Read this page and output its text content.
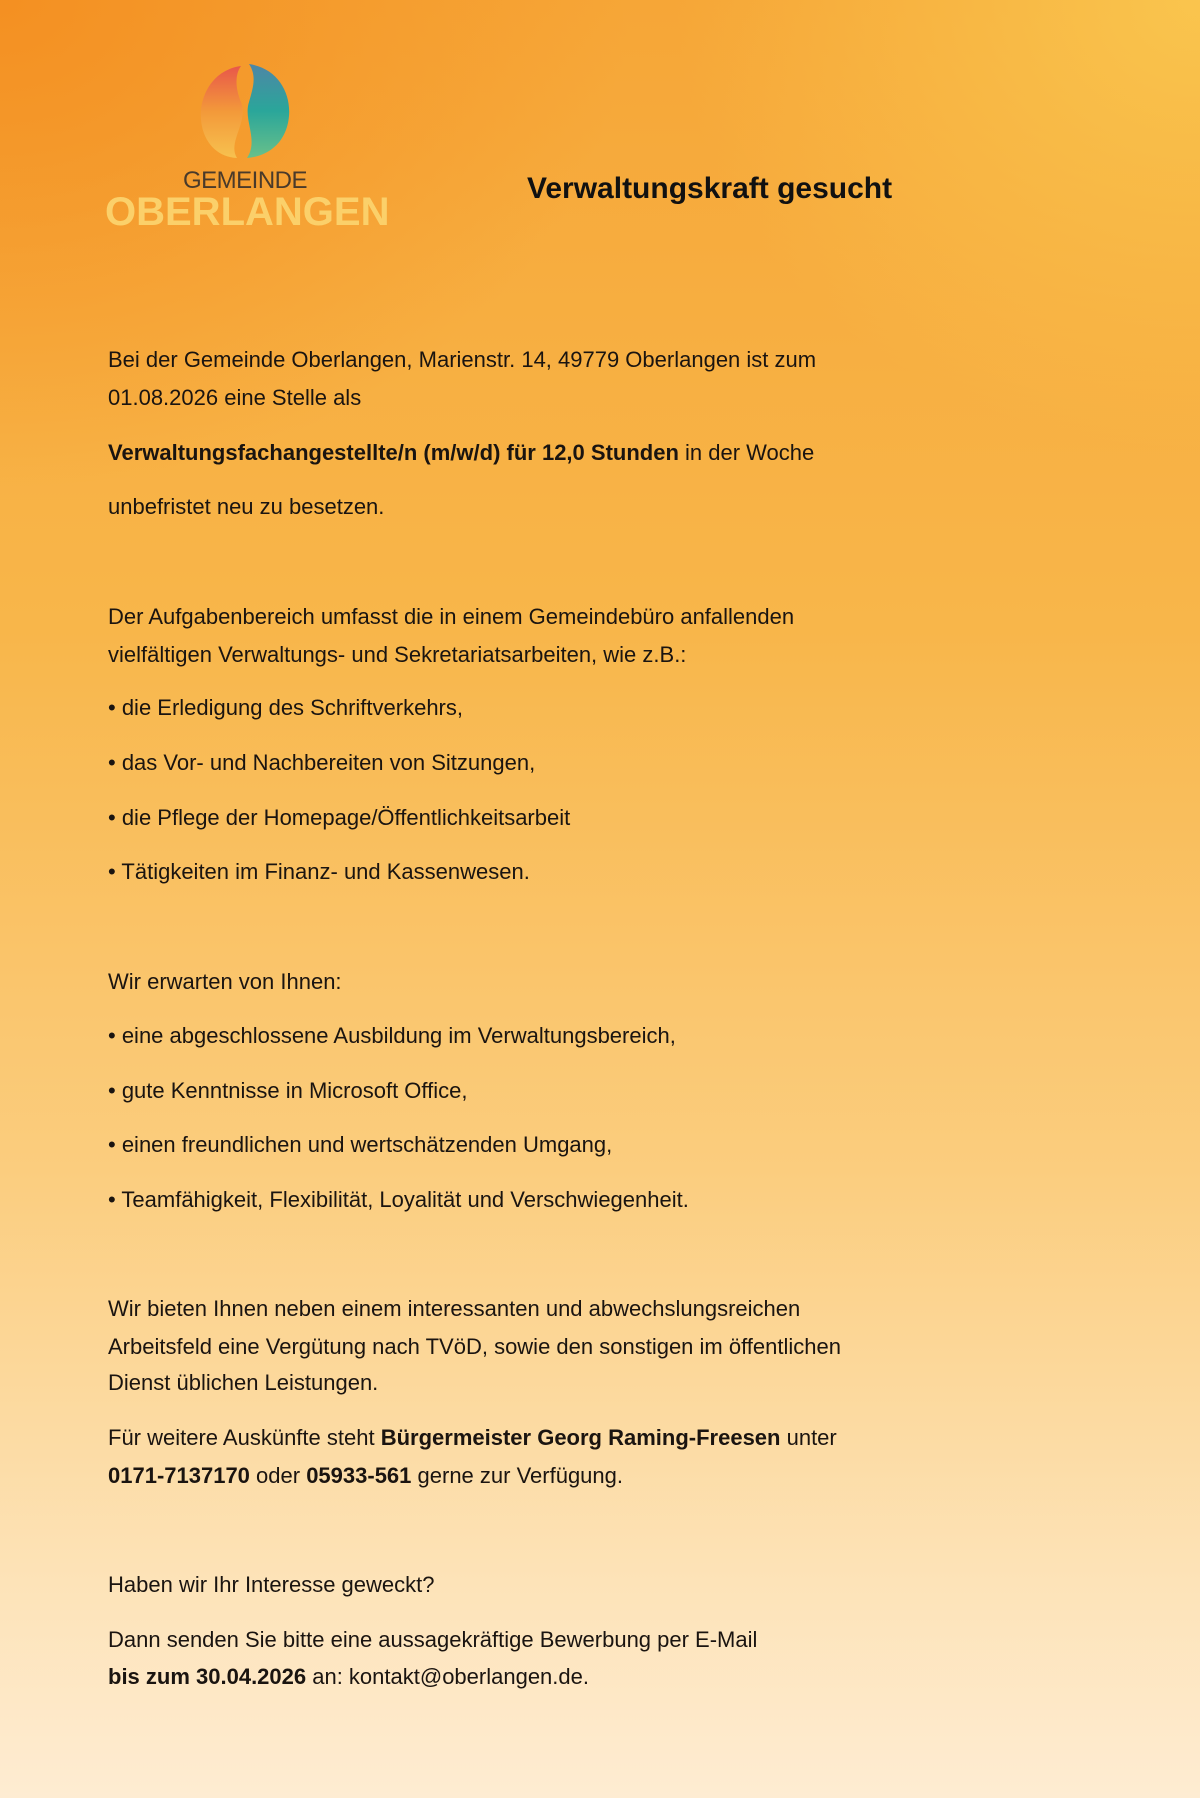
GEMEINDE
OBERLANGEN
Verwaltungskraft gesucht
Bei der Gemeinde Oberlangen, Marienstr. 14, 49779 Oberlangen ist zum
01.08.2026 eine Stelle als
Verwaltungsfachangestellte/n (m/w/d) für 12,0 Stunden in der Woche
unbefristet neu zu besetzen.
Der Aufgabenbereich umfasst die in einem Gemeindebüro anfallenden
vielfältigen Verwaltungs- und Sekretariatsarbeiten, wie z.B.:
• die Erledigung des Schriftverkehrs,
• das Vor- und Nachbereiten von Sitzungen,
• die Pflege der Homepage/Öffentlichkeitsarbeit
• Tätigkeiten im Finanz- und Kassenwesen.
Wir erwarten von Ihnen:
• eine abgeschlossene Ausbildung im Verwaltungsbereich,
• gute Kenntnisse in Microsoft Office,
• einen freundlichen und wertschätzenden Umgang,
• Teamfähigkeit, Flexibilität, Loyalität und Verschwiegenheit.
Wir bieten Ihnen neben einem interessanten und abwechslungsreichen
Arbeitsfeld eine Vergütung nach TVöD, sowie den sonstigen im öffentlichen
Dienst üblichen Leistungen.
Für weitere Auskünfte steht Bürgermeister Georg Raming-Freesen unter
0171-7137170 oder 05933-561 gerne zur Verfügung.
Haben wir Ihr Interesse geweckt?
Dann senden Sie bitte eine aussagekräftige Bewerbung per E-Mail
bis zum 30.04.2026 an: kontakt@oberlangen.de.
